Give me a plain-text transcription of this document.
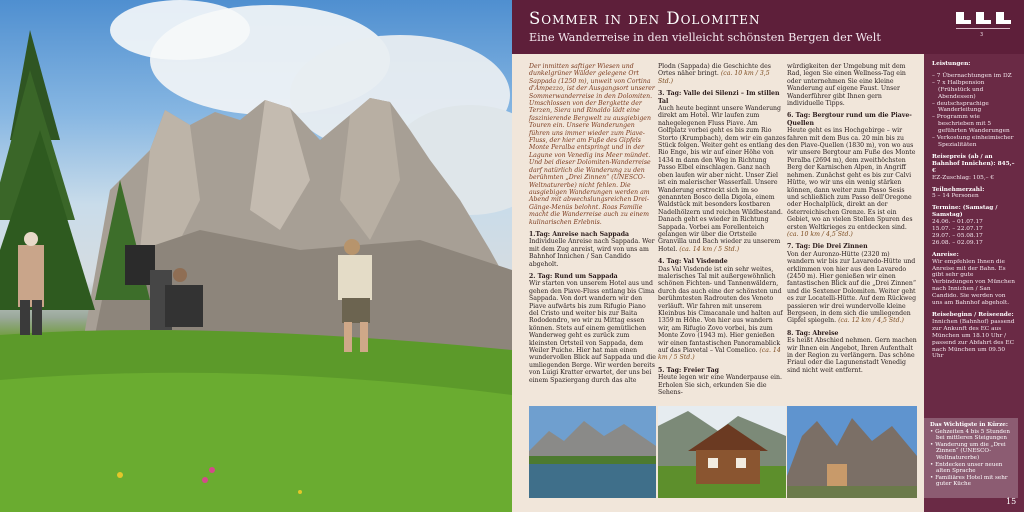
Sommer in den Dolomiten
Eine Wanderreise in den vielleicht schönsten Bergen der Welt	3

Der inmitten saftiger Wiesen und dunkelgrüner Wälder gelegene Ort Sappada (1250 m), unweit von Cortina d'Ampezzo, ist der Ausgangsort unserer Sommerwanderreise in den Dolomiten. Umschlossen von der Bergkette der Terzen, Siera und Rinaldo lädt eine faszinierende Bergwelt zu ausgiebigen Touren ein. Unsere Wanderungen führen uns immer wieder zum Piave-Fluss, der hier am Fuße des Gipfels Monte Peralba entspringt und in der Lagune von Venedig ins Meer mündet. Und bei dieser Dolomiten-Wanderreise darf natürlich die Wanderung zu den berühmten „Drei Zinnen“ (UNESCO-Weltnaturerbe) nicht fehlen. Die ausgiebigen Wanderungen werden am Abend mit abwechslungsreichen Drei-Gänge-Menüs belohnt. Roas Familie macht die Wanderreise auch zu einem kulinarischen Erlebnis.

1.Tag: Anreise nach Sappada
Individuelle Anreise nach Sappada. Wer mit dem Zug anreist, wird von uns am Bahnhof Innichen / San Candido abgeholt.

2. Tag: Rund um Sappada
Wir starten von unserem Hotel aus und gehen den Piave-Fluss entlang bis Cima Sappada. Von dort wandern wir den Piave aufwärts bis zum Rifugio Piano del Cristo und weiter bis zur Baita Rododendro, wo wir zu Mittag essen können. Stets auf einem gemütlichen Wanderweg geht es zurück zum kleinsten Ortsteil von Sappada, dem Weiler Puiche. Hier hat man einen wundervollen Blick auf Sappada und die umliegenden Berge. Wir werden bereits von Luigi Kratter erwartet, der uns bei einem Spaziergang durch das alte

Plodn (Sappada) die Geschichte des Ortes näher bringt. (ca. 10 km / 3,5 Std.)

3. Tag: Valle dei Silenzi – Im stillen Tal
Auch heute beginnt unsere Wanderung direkt am Hotel. Wir laufen zum nahegelegenen Fluss Piave. Am Golfplatz vorbei geht es bis zum Rio Storto (Krumpbach), dem wir ein ganzes Stück folgen. Weiter geht es entlang des Rio Enge, bis wir auf einer Höhe von 1434 m dann den Weg in Richtung Passo Elbel einschlagen. Ganz nach oben laufen wir aber nicht. Unser Ziel ist ein malerischer Wasserfall. Unsere Wanderung erstreckt sich im so genannten Bosco della Digola, einem Waldstück mit besonders kostbaren Nadelhölzern und reichen Wildbestand. Danach geht es wieder in Richtung Sappada. Vorbei am Forellenteich gelangen wir über die Ortsteile Granvilla und Bach wieder zu unserem Hotel. (ca. 14 km / 5 Std.)

4. Tag: Val Visdende
Das Val Visdende ist ein sehr weites, malerisches Tal mit außergewöhnlich schönen Fichten- und Tannenwäldern, durch das auch eine der schönsten und berühmtesten Radrouten des Veneto verläuft. Wir fahren mit unserem Kleinbus bis Cimacanale und halten auf 1359 m Höhe. Von hier aus wandern wir, am Rifugio Zovo vorbei, bis zum Monte Zovo (1943 m). Hier genießen wir einen fantastischen Panoramablick auf das Piavetal – Val Comelico. (ca. 14 km / 5 Std.)

5. Tag: Freier Tag
Heute legen wir eine Wanderpause ein. Erholen Sie sich, erkunden Sie die Sehens-

würdigkeiten der Umgebung mit dem Rad, legen Sie einen Wellness-Tag ein oder unternehmen Sie eine kleine Wanderung auf eigene Faust. Unser Wanderführer gibt Ihnen gern individuelle Tipps.

6. Tag: Bergtour rund um die Piave-Quellen
Heute geht es ins Hochgebirge – wir fahren mit dem Bus ca. 20 min bis zu den Piave-Quellen (1830 m), von wo aus wir unsere Bergtour am Fuße des Monte Peralba (2694 m), dem zweithöchsten Berg der Karnischen Alpen, in Angriff nehmen. Zunächst geht es bis zur Calvi Hütte, wo wir uns ein wenig stärken können, dann weiter zum Passo Sesis und schließlich zum Passo dell'Oregone oder Hochalplück, direkt an der österreichischen Grenze. Es ist ein Gebiet, wo an vielen Stellen Spuren des ersten Weltkrieges zu entdecken sind. (ca. 10 km / 4,5 Std.)

7. Tag: Die Drei Zinnen
Von der Auronzo-Hütte (2320 m) wandern wir bis zur Lavaredo-Hütte und erklimmen von hier aus den Lavaredo (2450 m). Hier genießen wir einen fantastischen Blick auf die „Drei Zinnen“ und die Sextener Dolomiten. Weiter geht es zur Locatelli-Hütte. Auf dem Rückweg passieren wir drei wundervolle kleine Bergseen, in dem sich die umliegenden Gipfel spiegeln. (ca. 12 km / 4,5 Std.)

8. Tag: Abreise
Es heißt Abschied nehmen. Gern machen wir Ihnen ein Angebot, Ihren Aufenthalt in der Region zu verlängern. Das schöne Friaul oder die Lagunenstadt Venedig sind nicht weit entfernt.

Leistungen:

– 7 Übernachtungen im DZ
– 7 x Halbpension (Frühstück und Abendessen)
– deutschsprachige Wanderleitung
– Programm wie beschrieben mit 5 geführten Wanderungen
– Verkostung einheimischer Spezialitäten

Reisepreis (ab / an Bahnhof Innichen): 845,– €
EZ-Zuschlag: 105,– €

Teilnehmerzahl:
5 – 14 Personen

Termine: (Samstag / Samstag)
24.06. – 01.07.17
15.07. – 22.07.17
29.07. – 05.08.17
26.08. – 02.09.17

Anreise:
Wir empfehlen Ihnen die Anreise mit der Bahn. Es gibt sehr gute Verbindungen von München nach Innichen / San Candido. Sie werden von uns am Bahnhof abgeholt.

Reisebeginn / Reiseende:
Innichen (Bahnhof) passend zur Ankunft des EC aus München um 18.10 Uhr / passend zur Abfahrt des EC nach München um 09.50 Uhr

Das Wichtigste in Kürze:
• Gehzeiten 4 bis 5 Stunden bei mittleren Steigungen
• Wanderung um die „Drei Zinnen“ (UNESCO-Weltnaturerbe)
• Entdecken unser neuen alten Sprache
• Familiäres Hotel mit sehr guter Küche
15
